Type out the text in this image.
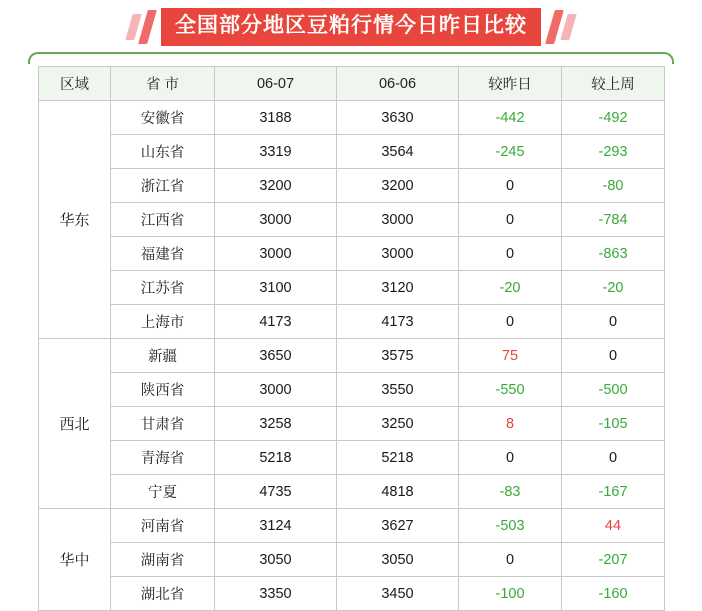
全国部分地区豆粕行情今日昨日比较
区域	省 市	06-07	06-06	较昨日	较上周
华东	安徽省	3188	3630	-442	-492
	山东省	3319	3564	-245	-293
	浙江省	3200	3200	0	-80
	江西省	3000	3000	0	-784
	福建省	3000	3000	0	-863
	江苏省	3100	3120	-20	-20
	上海市	4173	4173	0	0
西北	新疆	3650	3575	75	0
	陕西省	3000	3550	-550	-500
	甘肃省	3258	3250	8	-105
	青海省	5218	5218	0	0
	宁夏	4735	4818	-83	-167
华中	河南省	3124	3627	-503	44
	湖南省	3050	3050	0	-207
	湖北省	3350	3450	-100	-160
